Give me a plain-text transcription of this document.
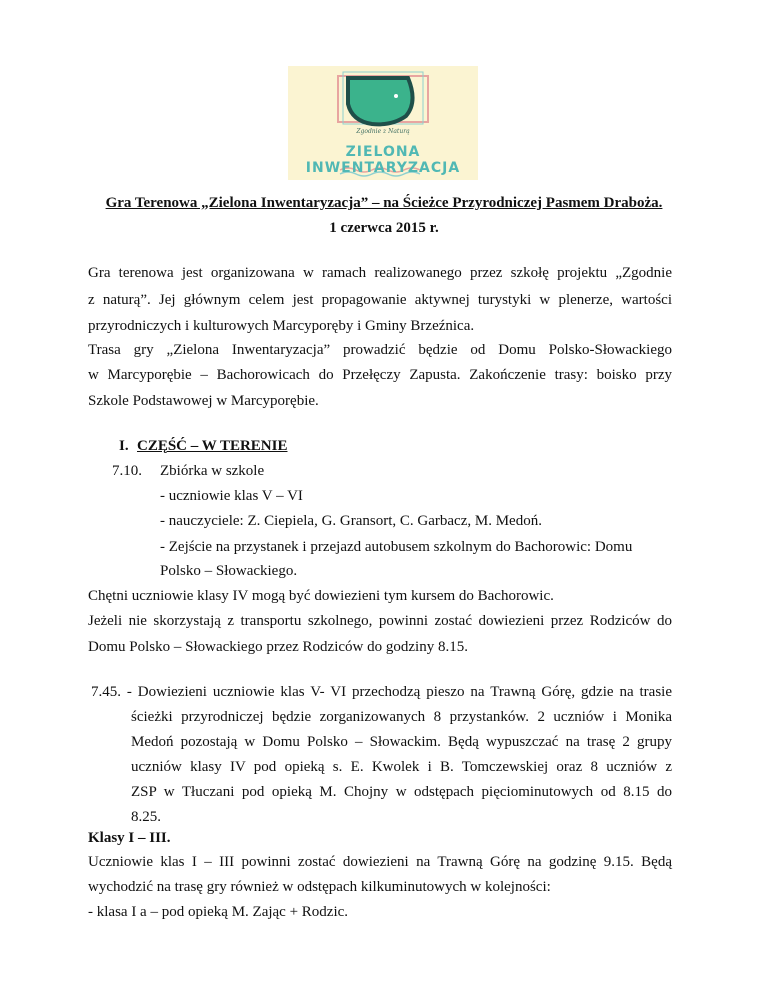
Zgodnie z Naturą
ZIELONA INWENTARYZACJA
Gra Terenowa „Zielona Inwentaryzacja” – na Ścieżce Przyrodniczej Pasmem Drabоża.
1 czerwca 2015 r.
Gra terenowa jest organizowana w ramach realizowanego przez szkołę projektu „Zgodnie
z naturą”. Jej głównym celem jest propagowanie aktywnej turystyki w plenerze, wartości
przyrodniczych i kulturowych Marcyporęby i Gminy Brzeźnica.
Trasa gry „Zielona Inwentaryzacja” prowadzić będzie od Domu Polsko-Słowackiego
w Marcyporębie – Bachorowicach do Przełęczy Zapusta. Zakończenie trasy: boisko przy
Szkole Podstawowej w Marcyporębie.
I. CZĘŚĆ – W TERENIE
7.10. Zbiórka w szkole
- uczniowie klas V – VI
- nauczyciele: Z. Ciepiela, G. Gransort, C. Garbacz, M. Medoń.
- Zejście na przystanek i przejazd autobusem szkolnym do Bachorowic: Domu
Polsko – Słowackiego.
Chętni uczniowie klasy IV mogą być dowiezieni tym kursem do Bachorowic.
Jeżeli nie skorzystają z transportu szkolnego, powinni zostać dowiezieni przez Rodziców do
Domu Polsko – Słowackiego przez Rodziców do godziny 8.15.
7.45. - Dowiezieni uczniowie klas V- VI przechodzą pieszo na Trawną Górę, gdzie na trasie
ścieżki przyrodniczej będzie zorganizowanych 8 przystanków. 2 uczniów i Monika
Medoń pozostają w Domu Polsko – Słowackim. Będą wypuszczać na trasę 2 grupy
uczniów klasy IV pod opieką s. E. Kwolek i B. Tomczewskiej oraz 8 uczniów z
ZSP w Tłuczani pod opieką M. Chojny w odstępach pięciominutowych od 8.15 do
8.25.
Klasy I – III.
Uczniowie klas I – III powinni zostać dowiezieni na Trawną Górę na godzinę 9.15. Będą
wychodzić na trasę gry również w odstępach kilkuminutowych w kolejności:
- klasa I a – pod opieką M. Zając + Rodzic.
